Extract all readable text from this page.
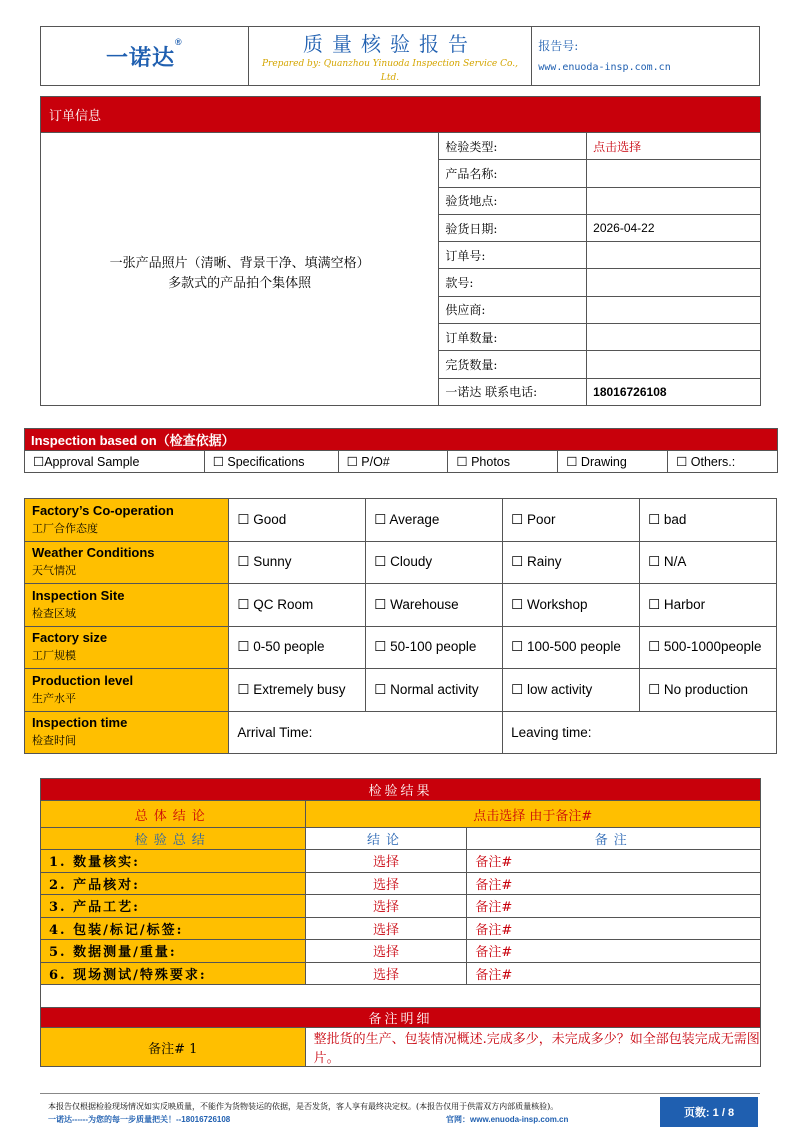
一诺达®	质量核验报告
Prepared by: Quanzhou Yinuoda Inspection Service Co., Ltd.

报告号:
www.enuoda-insp.com.cn
订单信息		

一张产品照片（清晰、背景干净、填满空格）
多款式的产品拍个集体照	检验类型:	点击选择
	产品名称:	
	验货地点:	
	验货日期:	2026-04-22
	订单号:	
	款号:	
	供应商:	
	订单数量:	
	完货数量:	
	一诺达 联系电话:	18016726108
Inspection based on（检查依据）
☐Approval Sample	☐ Specifications	☐ P/O#	☐ Photos	☐ Drawing	☐ Others.:
Factory’s Co-operation
工厂合作态度	☐ Good	☐ Average	☐ Poor	☐ bad

Weather Conditions
天气情况	☐ Sunny	☐ Cloudy	☐ Rainy	☐ N/A

Inspection Site
检查区域	☐ QC Room	☐ Warehouse	☐ Workshop	☐ Harbor

Factory size
工厂规模	☐ 0-50 people	☐ 50-100 people	☐ 100-500 people	☐ 500-1000people

Production level
生产水平	☐ Extremely busy	☐ Normal activity	☐ low activity	☐ No production

Inspection time
检查时间	Arrival Time:		Leaving time:	
检验结果		
总体结论	点击选择 由于备注#	
检验总结	结论	备注
1. 数量核实:	选择	备注#
2. 产品核对:	选择	备注#
3. 产品工艺:	选择	备注#
4. 包装/标记/标签:	选择	备注#
5. 数据测量/重量:	选择	备注#
6. 现场测试/特殊要求:	选择	备注#

备注明细		
备注# 1	整批货的生产、包装情况概述.完成多少，未完成多少？如全部包装完成无需图片。	
本报告仅根据检验现场情况如实反映质量，不能作为货物装运的依据，是否发货，客人享有最终决定权。(本报告仅用于供需双方内部质量核验)。
一诺达------为您的每一步质量把关！--18016726108	官网：www.enuoda-insp.com.cn
页数: 1 / 8
